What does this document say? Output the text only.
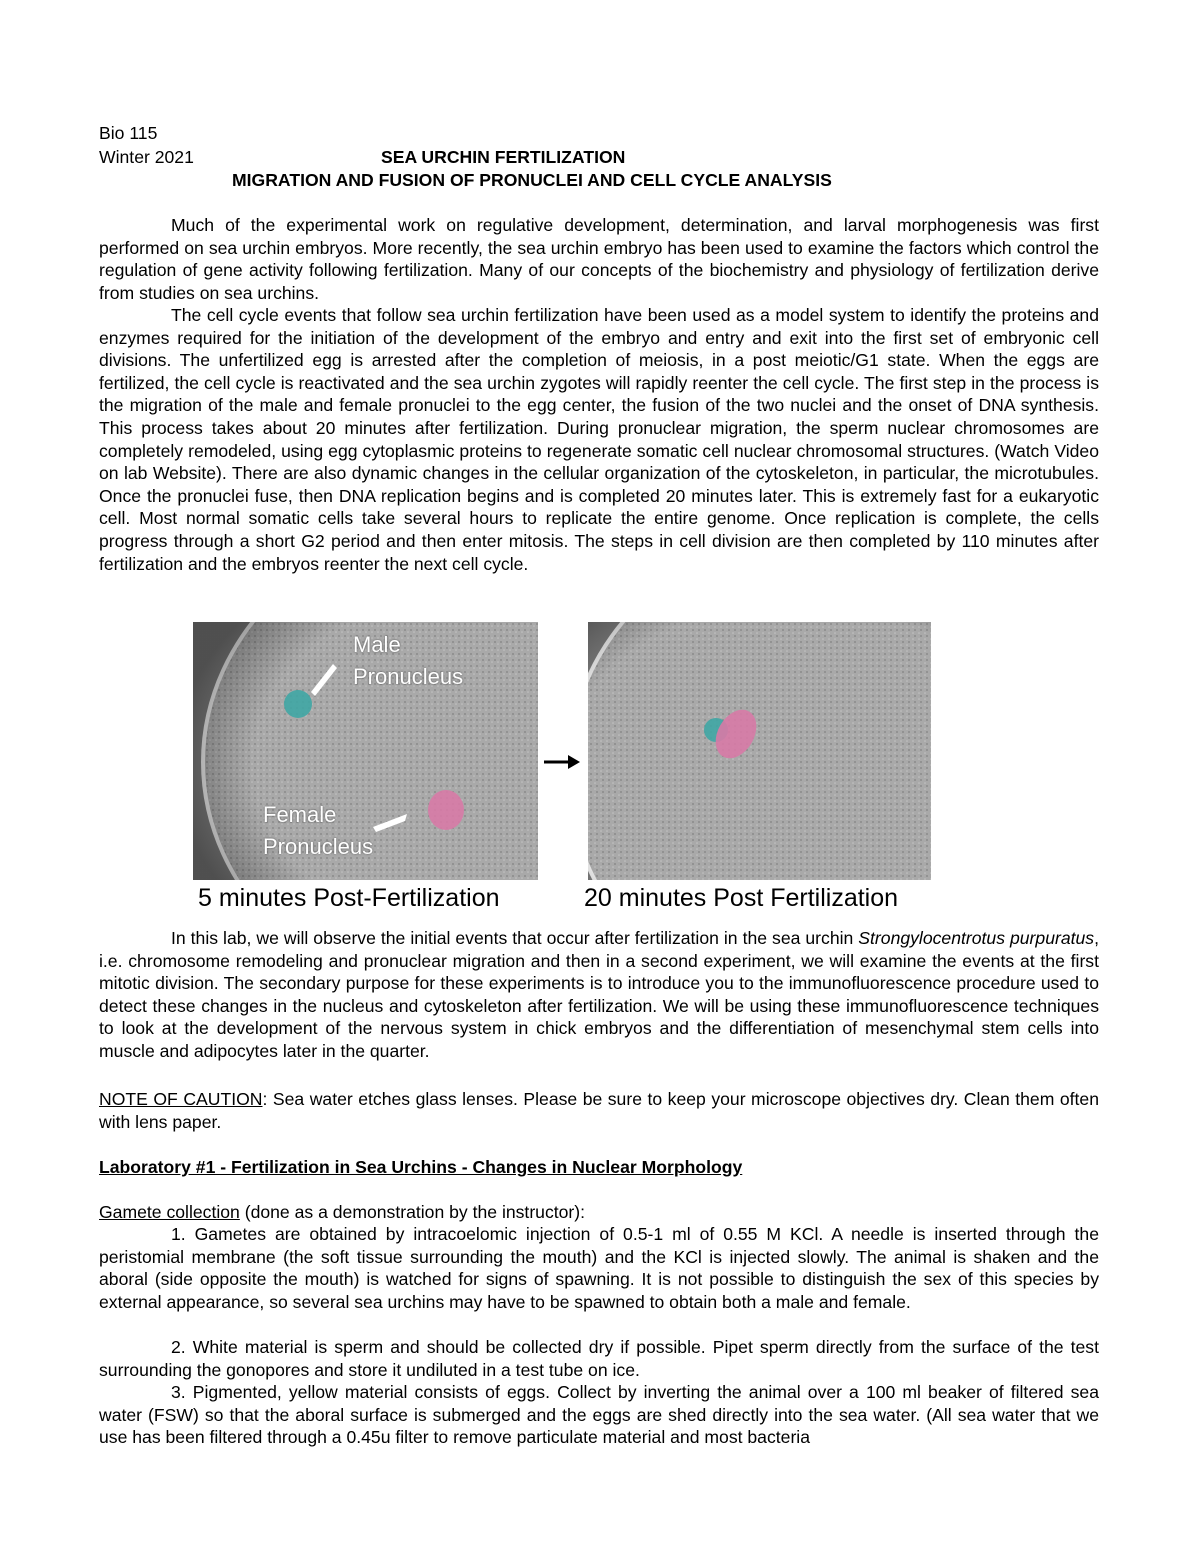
Bio 115
Winter 2021	SEA URCHIN FERTILIZATION
MIGRATION AND FUSION OF PRONUCLEI AND CELL CYCLE ANALYSIS
Much of the experimental work on regulative development, determination, and larval morphogenesis was first performed on sea urchin embryos. More recently, the sea urchin embryo has been used to examine the factors which control the regulation of gene activity following fertilization. Many of our concepts of the biochemistry and physiology of fertilization derive from studies on sea urchins.
The cell cycle events that follow sea urchin fertilization have been used as a model system to identify the proteins and enzymes required for the initiation of the development of the embryo and entry and exit into the first set of embryonic cell divisions. The unfertilized egg is arrested after the completion of meiosis, in a post meiotic/G1 state. When the eggs are fertilized, the cell cycle is reactivated and the sea urchin zygotes will rapidly reenter the cell cycle. The first step in the process is the migration of the male and female pronuclei to the egg center, the fusion of the two nuclei and the onset of DNA synthesis. This process takes about 20 minutes after fertilization. During pronuclear migration, the sperm nuclear chromosomes are completely remodeled, using egg cytoplasmic proteins to regenerate somatic cell nuclear chromosomal structures. (Watch Video on lab Website). There are also dynamic changes in the cellular organization of the cytoskeleton, in particular, the microtubules. Once the pronuclei fuse, then DNA replication begins and is completed 20 minutes later. This is extremely fast for a eukaryotic cell. Most normal somatic cells take several hours to replicate the entire genome. Once replication is complete, the cells progress through a short G2 period and then enter mitosis. The steps in cell division are then completed by 110 minutes after fertilization and the embryos reenter the next cell cycle.
Male
Pronucleus
Female
Pronucleus
5 minutes Post-Fertilization	20 minutes Post Fertilization
In this lab, we will observe the initial events that occur after fertilization in the sea urchin Strongylocentrotus purpuratus, i.e. chromosome remodeling and pronuclear migration and then in a second experiment, we will examine the events at the first mitotic division. The secondary purpose for these experiments is to introduce you to the immunofluorescence procedure used to detect these changes in the nucleus and cytoskeleton after fertilization. We will be using these immunofluorescence techniques to look at the development of the nervous system in chick embryos and the differentiation of mesenchymal stem cells into muscle and adipocytes later in the quarter.
NOTE OF CAUTION: Sea water etches glass lenses. Please be sure to keep your microscope objectives dry. Clean them often with lens paper.
Laboratory #1 - Fertilization in Sea Urchins - Changes in Nuclear Morphology
Gamete collection (done as a demonstration by the instructor):
1. Gametes are obtained by intracoelomic injection of 0.5-1 ml of 0.55 M KCl. A needle is inserted through the peristomial membrane (the soft tissue surrounding the mouth) and the KCl is injected slowly. The animal is shaken and the aboral (side opposite the mouth) is watched for signs of spawning. It is not possible to distinguish the sex of this species by external appearance, so several sea urchins may have to be spawned to obtain both a male and female.
2. White material is sperm and should be collected dry if possible. Pipet sperm directly from the surface of the test surrounding the gonopores and store it undiluted in a test tube on ice.
3. Pigmented, yellow material consists of eggs. Collect by inverting the animal over a 100 ml beaker of filtered sea water (FSW) so that the aboral surface is submerged and the eggs are shed directly into the sea water. (All sea water that we use has been filtered through a 0.45u filter to remove particulate material and most bacteria
